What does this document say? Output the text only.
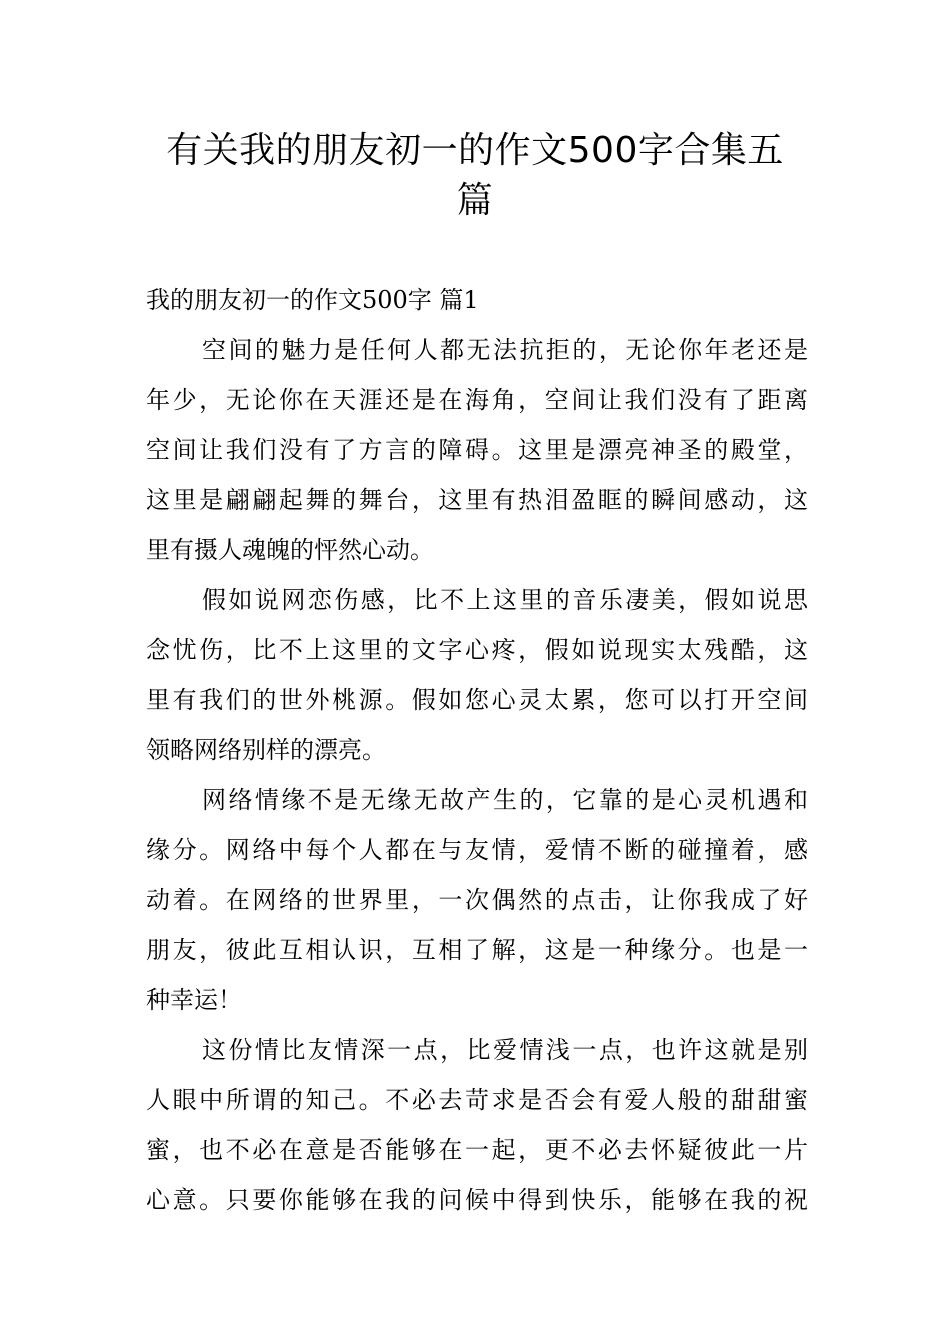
有关我的朋友初一的作文500字合集五
篇

我的朋友初一的作文500字 篇1

空间的魅力是任何人都无法抗拒的，无论你年老还是
年少，无论你在天涯还是在海角，空间让我们没有了距离
空间让我们没有了方言的障碍。这里是漂亮神圣的殿堂，
这里是翩翩起舞的舞台，这里有热泪盈眶的瞬间感动，这
里有摄人魂魄的怦然心动。

假如说网恋伤感，比不上这里的音乐凄美，假如说思
念忧伤，比不上这里的文字心疼，假如说现实太残酷，这
里有我们的世外桃源。假如您心灵太累，您可以打开空间
领略网络别样的漂亮。

网络情缘不是无缘无故产生的，它靠的是心灵机遇和
缘分。网络中每个人都在与友情，爱情不断的碰撞着，感
动着。在网络的世界里，一次偶然的点击，让你我成了好
朋友，彼此互相认识，互相了解，这是一种缘分。也是一
种幸运！

这份情比友情深一点，比爱情浅一点，也许这就是别
人眼中所谓的知己。不必去苛求是否会有爱人般的甜甜蜜
蜜，也不必在意是否能够在一起，更不必去怀疑彼此一片
心意。只要你能够在我的问候中得到快乐，能够在我的祝
